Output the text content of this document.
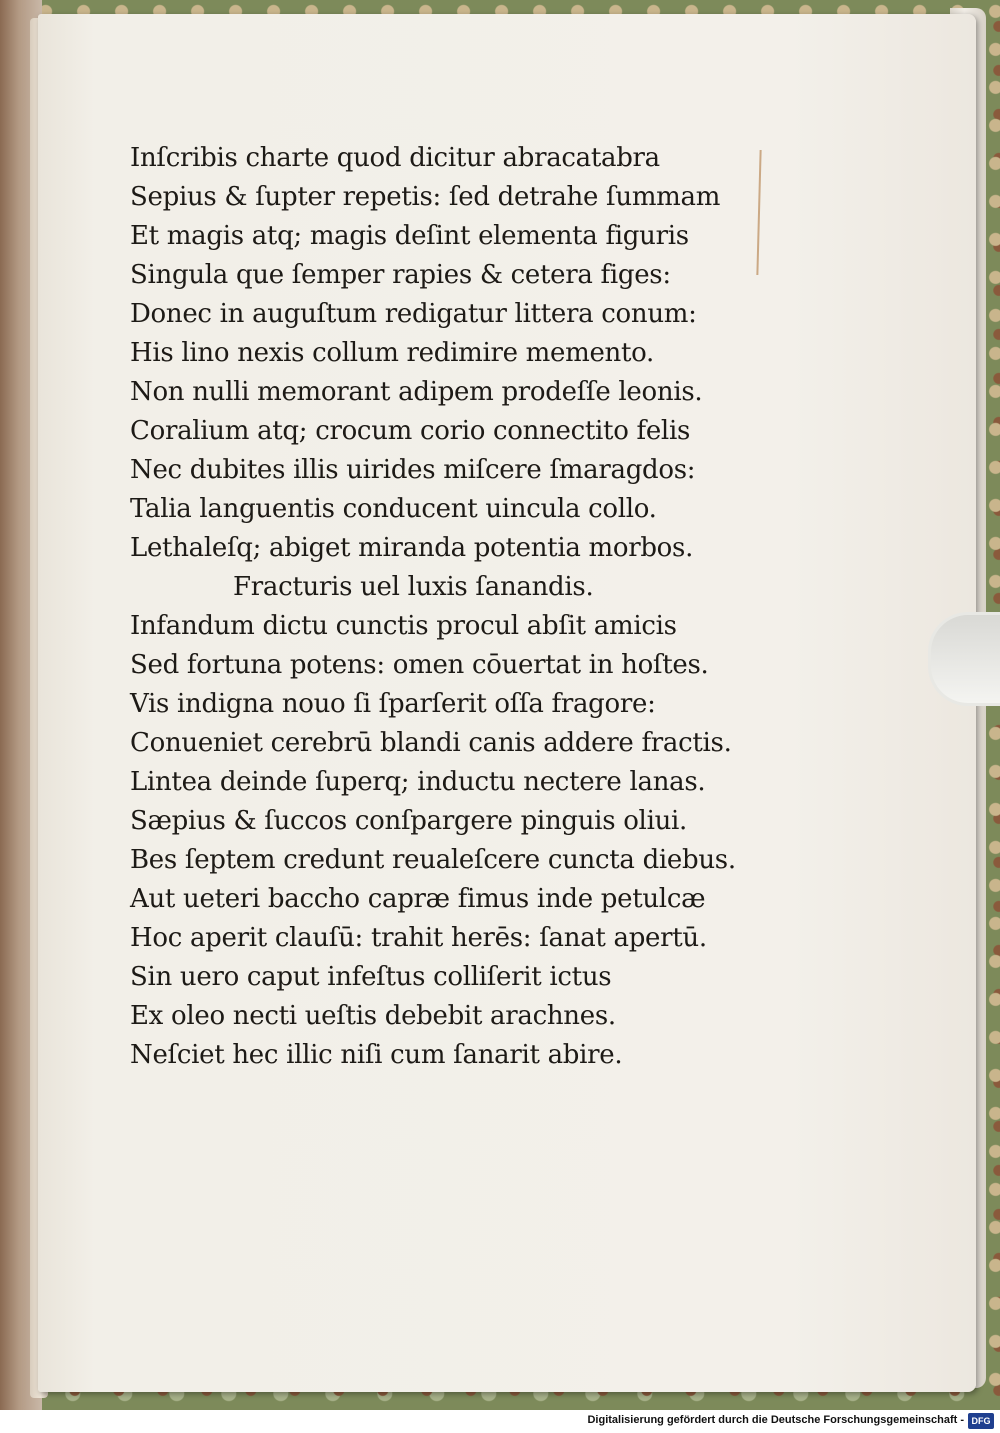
Inſcribis charte quod dicitur abracatabra
Sepius & ſupter repetis: ſed detrahe ſummam
Et magis atq; magis deſint elementa figuris
Singula que ſemper rapies & cetera figes:
Donec in auguſtum redigatur littera conum:
His lino nexis collum redimire memento.
Non nulli memorant adipem prodeſſe leonis.
Coralium atq; crocum corio connectito felis
Nec dubites illis uirides miſcere ſmaragdos:
Talia languentis conducent uincula collo.
Lethaleſq; abiget miranda potentia morbos.
Fracturis uel luxis ſanandis.
Infandum dictu cunctis procul abſit amicis
Sed fortuna potens: omen cōuertat in hoſtes.
Vis indigna nouo ſi ſparſerit oſſa fragore:
Conueniet cerebrū blandi canis addere fractis.
Lintea deinde ſuperq; inductu nectere lanas.
Sæpius & ſuccos conſpargere pinguis oliui.
Bes ſeptem credunt reualeſcere cuncta diebus.
Aut ueteri baccho capræ fimus inde petulcæ
Hoc aperit clauſū: trahit herēs: ſanat apertū.
Sin uero caput infeſtus colliſerit ictus
Ex oleo necti ueſtis debebit arachnes.
Neſciet hec illic niſi cum ſanarit abire.
Digitalisierung gefördert durch die Deutsche Forschungsgemeinschaft - DFG
